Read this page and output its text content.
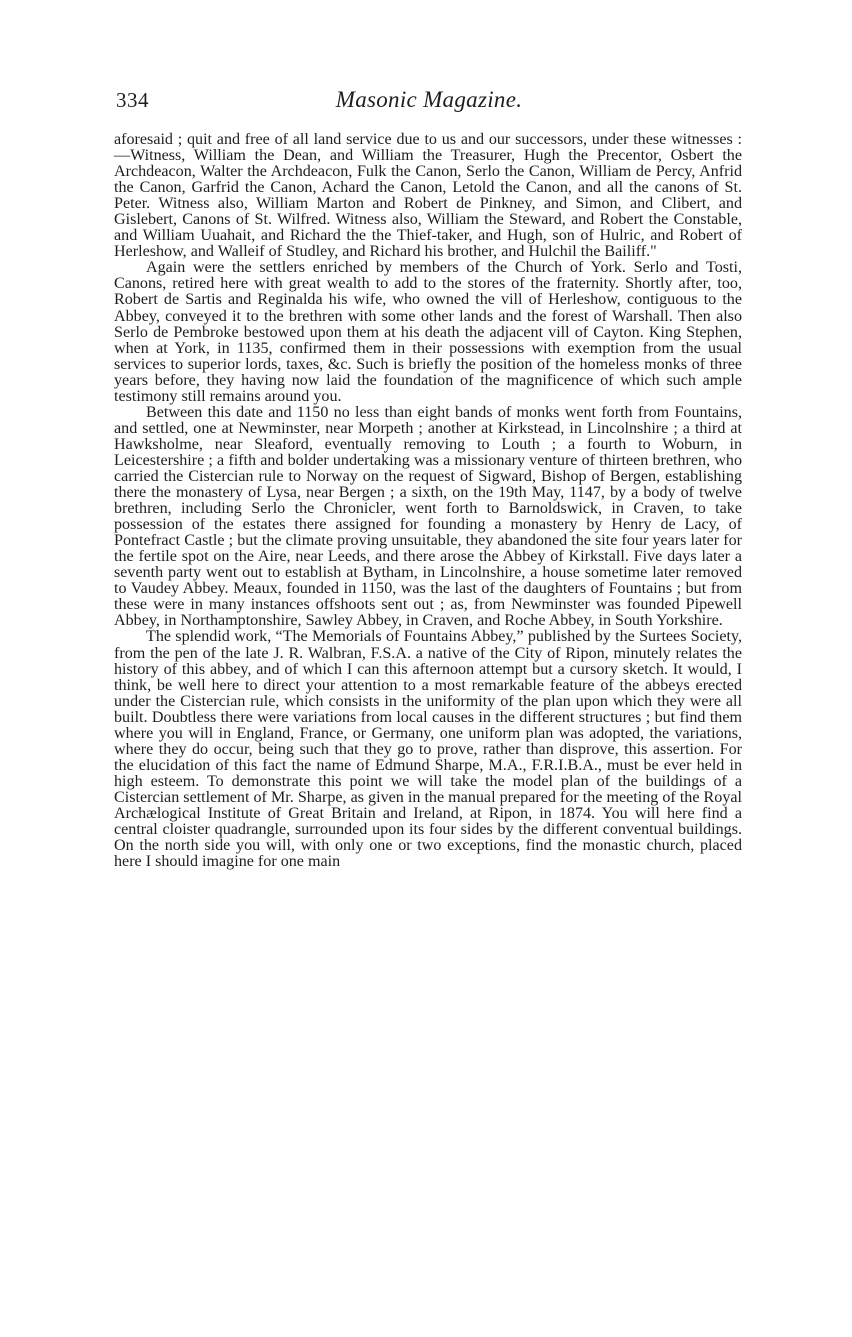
334	Masonic Magazine.

aforesaid ; quit and free of all land service due to us and our successors, under these witnesses :—Witness, William the Dean, and William the Treasurer, Hugh the Precentor, Osbert the Archdeacon, Walter the Archdeacon, Fulk the Canon, Serlo the Canon, William de Percy, Anfrid the Canon, Garfrid the Canon, Achard the Canon, Letold the Canon, and all the canons of St. Peter. Witness also, William Marton and Robert de Pinkney, and Simon, and Clibert, and Gislebert, Canons of St. Wilfred. Witness also, William the Steward, and Robert the Constable, and William Uuahait, and Richard the the Thief-taker, and Hugh, son of Hulric, and Robert of Herleshow, and Walleif of Studley, and Richard his brother, and Hulchil the Bailiff."

Again were the settlers enriched by members of the Church of York. Serlo and Tosti, Canons, retired here with great wealth to add to the stores of the fraternity. Shortly after, too, Robert de Sartis and Reginalda his wife, who owned the vill of Herleshow, contiguous to the Abbey, conveyed it to the brethren with some other lands and the forest of Warshall. Then also Serlo de Pembroke bestowed upon them at his death the adjacent vill of Cayton. King Stephen, when at York, in 1135, confirmed them in their possessions with exemption from the usual services to superior lords, taxes, &c. Such is briefly the position of the homeless monks of three years before, they having now laid the foundation of the magnificence of which such ample testimony still remains around you.

Between this date and 1150 no less than eight bands of monks went forth from Fountains, and settled, one at Newminster, near Morpeth ; another at Kirkstead, in Lincolnshire ; a third at Hawksholme, near Sleaford, eventually removing to Louth ; a fourth to Woburn, in Leicestershire ; a fifth and bolder undertaking was a missionary venture of thirteen brethren, who carried the Cistercian rule to Norway on the request of Sigward, Bishop of Bergen, establishing there the monastery of Lysa, near Bergen ; a sixth, on the 19th May, 1147, by a body of twelve brethren, including Serlo the Chronicler, went forth to Barnoldswick, in Craven, to take possession of the estates there assigned for founding a monastery by Henry de Lacy, of Pontefract Castle ; but the climate proving unsuitable, they abandoned the site four years later for the fertile spot on the Aire, near Leeds, and there arose the Abbey of Kirkstall. Five days later a seventh party went out to establish at Bytham, in Lincolnshire, a house sometime later removed to Vaudey Abbey. Meaux, founded in 1150, was the last of the daughters of Fountains ; but from these were in many instances offshoots sent out ; as, from Newminster was founded Pipewell Abbey, in Northamptonshire, Sawley Abbey, in Craven, and Roche Abbey, in South Yorkshire.

The splendid work, “The Memorials of Fountains Abbey,” published by the Surtees Society, from the pen of the late J. R. Walbran, F.S.A. a native of the City of Ripon, minutely relates the history of this abbey, and of which I can this afternoon attempt but a cursory sketch. It would, I think, be well here to direct your attention to a most remarkable feature of the abbeys erected under the Cistercian rule, which consists in the uniformity of the plan upon which they were all built. Doubtless there were variations from local causes in the different structures ; but find them where you will in England, France, or Germany, one uniform plan was adopted, the variations, where they do occur, being such that they go to prove, rather than disprove, this assertion. For the elucidation of this fact the name of Edmund Sharpe, M.A., F.R.I.B.A., must be ever held in high esteem. To demonstrate this point we will take the model plan of the buildings of a Cistercian settlement of Mr. Sharpe, as given in the manual prepared for the meeting of the Royal Archælogical Institute of Great Britain and Ireland, at Ripon, in 1874. You will here find a central cloister quadrangle, surrounded upon its four sides by the different conventual buildings. On the north side you will, with only one or two exceptions, find the monastic church, placed here I should imagine for one main
